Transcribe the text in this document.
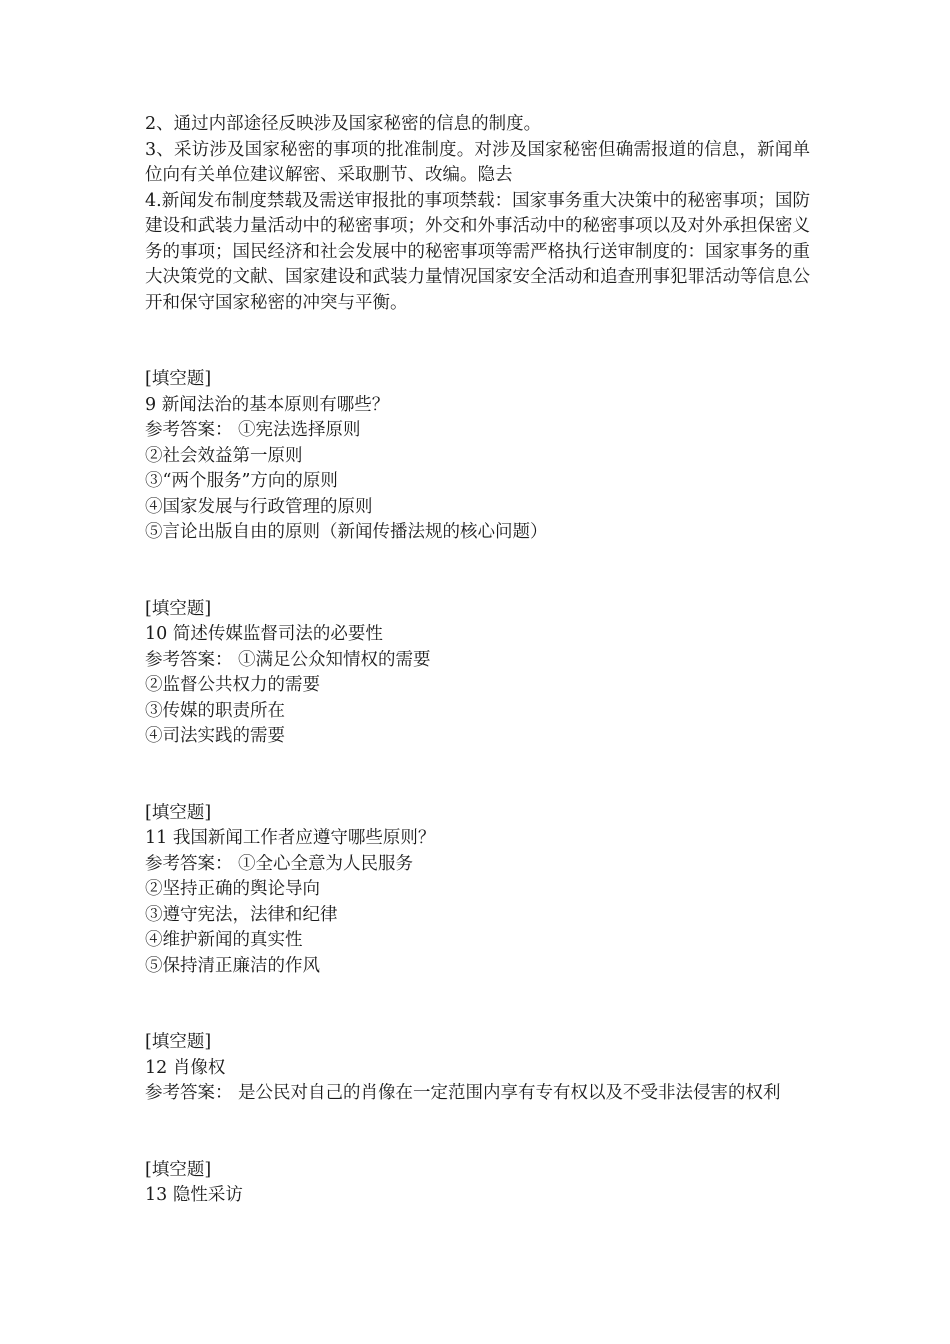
2、通过内部途径反映涉及国家秘密的信息的制度。
3、采访涉及国家秘密的事项的批准制度。对涉及国家秘密但确需报道的信息，新闻单位向有关单位建议解密、采取删节、改编。隐去
4.新闻发布制度禁载及需送审报批的事项禁载：国家事务重大决策中的秘密事项；国防建设和武装力量活动中的秘密事项；外交和外事活动中的秘密事项以及对外承担保密义务的事项；国民经济和社会发展中的秘密事项等需严格执行送审制度的：国家事务的重大决策党的文献、国家建设和武装力量情况国家安全活动和追查刑事犯罪活动等信息公开和保守国家秘密的冲突与平衡。
[填空题]
9 新闻法治的基本原则有哪些？
参考答案： ①宪法选择原则
②社会效益第一原则
③“两个服务”方向的原则
④国家发展与行政管理的原则
⑤言论出版自由的原则（新闻传播法规的核心问题）
[填空题]
10 简述传媒监督司法的必要性
参考答案： ①满足公众知情权的需要
②监督公共权力的需要
③传媒的职责所在
④司法实践的需要
[填空题]
11 我国新闻工作者应遵守哪些原则？
参考答案： ①全心全意为人民服务
②坚持正确的舆论导向
③遵守宪法，法律和纪律
④维护新闻的真实性
⑤保持清正廉洁的作风
[填空题]
12 肖像权
参考答案： 是公民对自己的肖像在一定范围内享有专有权以及不受非法侵害的权利
[填空题]
13 隐性采访
